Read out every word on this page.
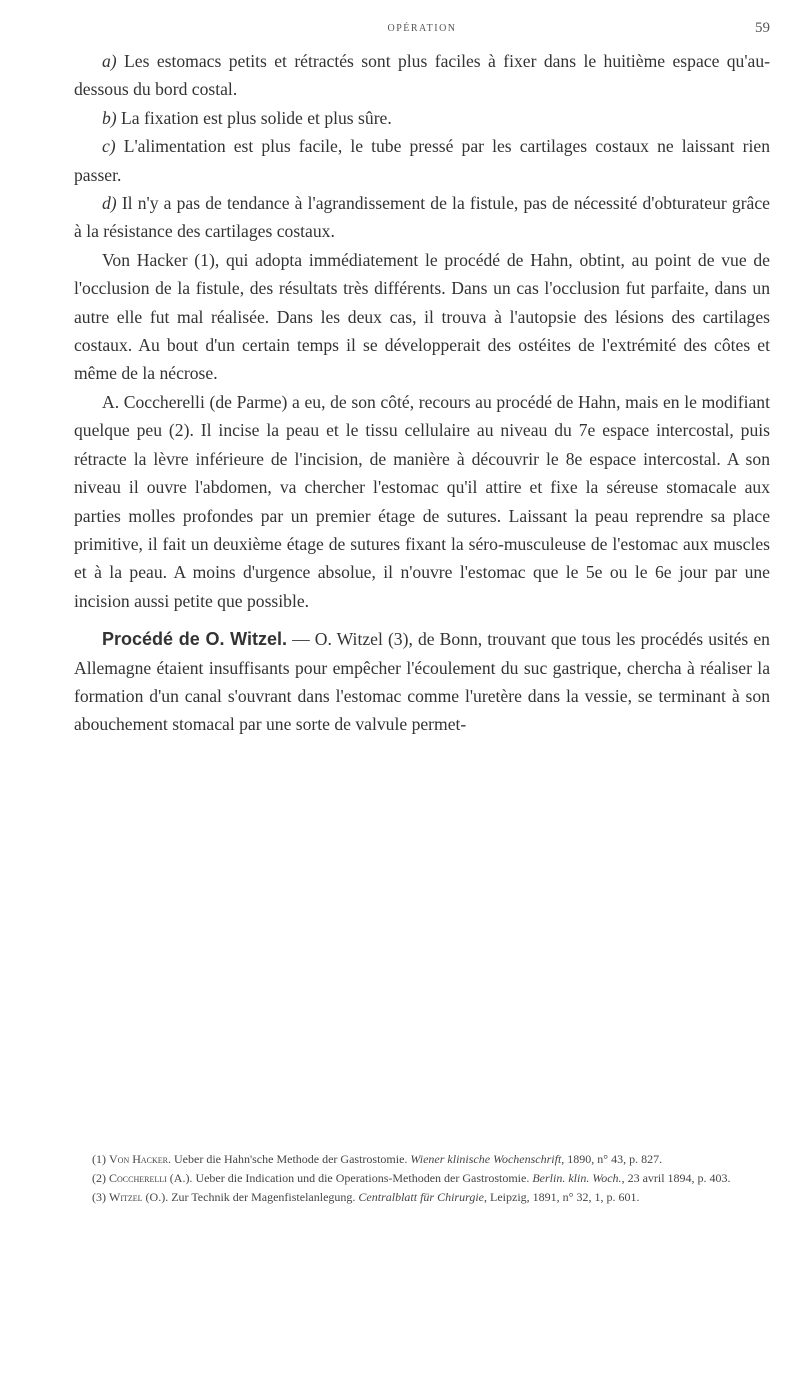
OPÉRATION	59

a) Les estomacs petits et rétractés sont plus faciles à fixer dans le huitième espace qu'au-dessous du bord costal.

b) La fixation est plus solide et plus sûre.

c) L'alimentation est plus facile, le tube pressé par les cartilages costaux ne laissant rien passer.

d) Il n'y a pas de tendance à l'agrandissement de la fistule, pas de nécessité d'obturateur grâce à la résistance des cartilages costaux.

Von Hacker (1), qui adopta immédiatement le procédé de Hahn, obtint, au point de vue de l'occlusion de la fistule, des résultats très différents. Dans un cas l'occlusion fut parfaite, dans un autre elle fut mal réalisée. Dans les deux cas, il trouva à l'autopsie des lésions des cartilages costaux. Au bout d'un certain temps il se développerait des ostéites de l'extrémité des côtes et même de la nécrose.

A. Coccherelli (de Parme) a eu, de son côté, recours au procédé de Hahn, mais en le modifiant quelque peu (2). Il incise la peau et le tissu cellulaire au niveau du 7e espace intercostal, puis rétracte la lèvre inférieure de l'incision, de manière à découvrir le 8e espace intercostal. A son niveau il ouvre l'abdomen, va chercher l'estomac qu'il attire et fixe la séreuse stomacale aux parties molles profondes par un premier étage de sutures. Laissant la peau reprendre sa place primitive, il fait un deuxième étage de sutures fixant la séro-musculeuse de l'estomac aux muscles et à la peau. A moins d'urgence absolue, il n'ouvre l'estomac que le 5e ou le 6e jour par une incision aussi petite que possible.

Procédé de O. Witzel. — O. Witzel (3), de Bonn, trouvant que tous les procédés usités en Allemagne étaient insuffisants pour empêcher l'écoulement du suc gastrique, chercha à réaliser la formation d'un canal s'ouvrant dans l'estomac comme l'uretère dans la vessie, se terminant à son abouchement stomacal par une sorte de valvule permet-

(1) Von Hacker. Ueber die Hahn'sche Methode der Gastrostomie. Wiener klinische Wochenschrift, 1890, n° 43, p. 827.

(2) Coccherelli (A.). Ueber die Indication und die Operations-Methoden der Gastrostomie. Berlin. klin. Woch., 23 avril 1894, p. 403.

(3) Witzel (O.). Zur Technik der Magenfistelanlegung. Centralblatt für Chirurgie, Leipzig, 1891, n° 32, 1, p. 601.
